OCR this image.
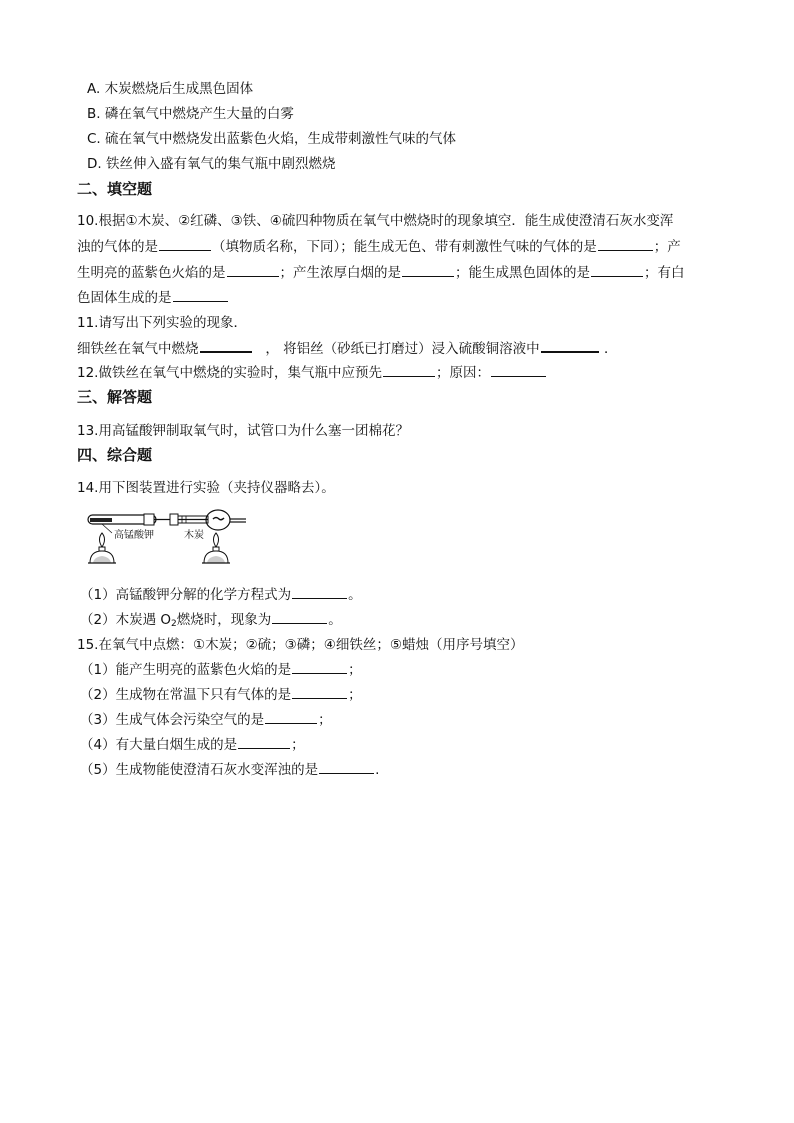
A. 木炭燃烧后生成黑色固体
B. 磷在氧气中燃烧产生大量的白雾
C. 硫在氧气中燃烧发出蓝紫色火焰，生成带刺激性气味的气体
D. 铁丝伸入盛有氧气的集气瓶中剧烈燃烧
二、填空题
10.根据①木炭、②红磷、③铁、④硫四种物质在氧气中燃烧时的现象填空．能生成使澄清石灰水变浑
浊的气体的是	（填物质名称，下同）；能生成无色、带有刺激性气味的气体的是	；产
生明亮的蓝紫色火焰的是	；产生浓厚白烟的是	；能生成黑色固体的是	；有白
色固体生成的是
11.请写出下列实验的现象．
细铁丝在氧气中燃烧	， 将铝丝（砂纸已打磨过）浸入硫酸铜溶液中	．
12.做铁丝在氧气中燃烧的实验时，集气瓶中应预先	；原因：
三、解答题
13.用高锰酸钾制取氧气时，试管口为什么塞一团棉花？
四、综合题
14.用下图装置进行实验（夹持仪器略去）。
高锰酸钾	木炭
（1）高锰酸钾分解的化学方程式为	。
（2）木炭遇 O2燃烧时，现象为	。
15.在氧气中点燃：①木炭；②硫；③磷；④细铁丝；⑤蜡烛（用序号填空）
（1）能产生明亮的蓝紫色火焰的是	；
（2）生成物在常温下只有气体的是	；
（3）生成气体会污染空气的是	；
（4）有大量白烟生成的是	；
（5）生成物能使澄清石灰水变浑浊的是	.
